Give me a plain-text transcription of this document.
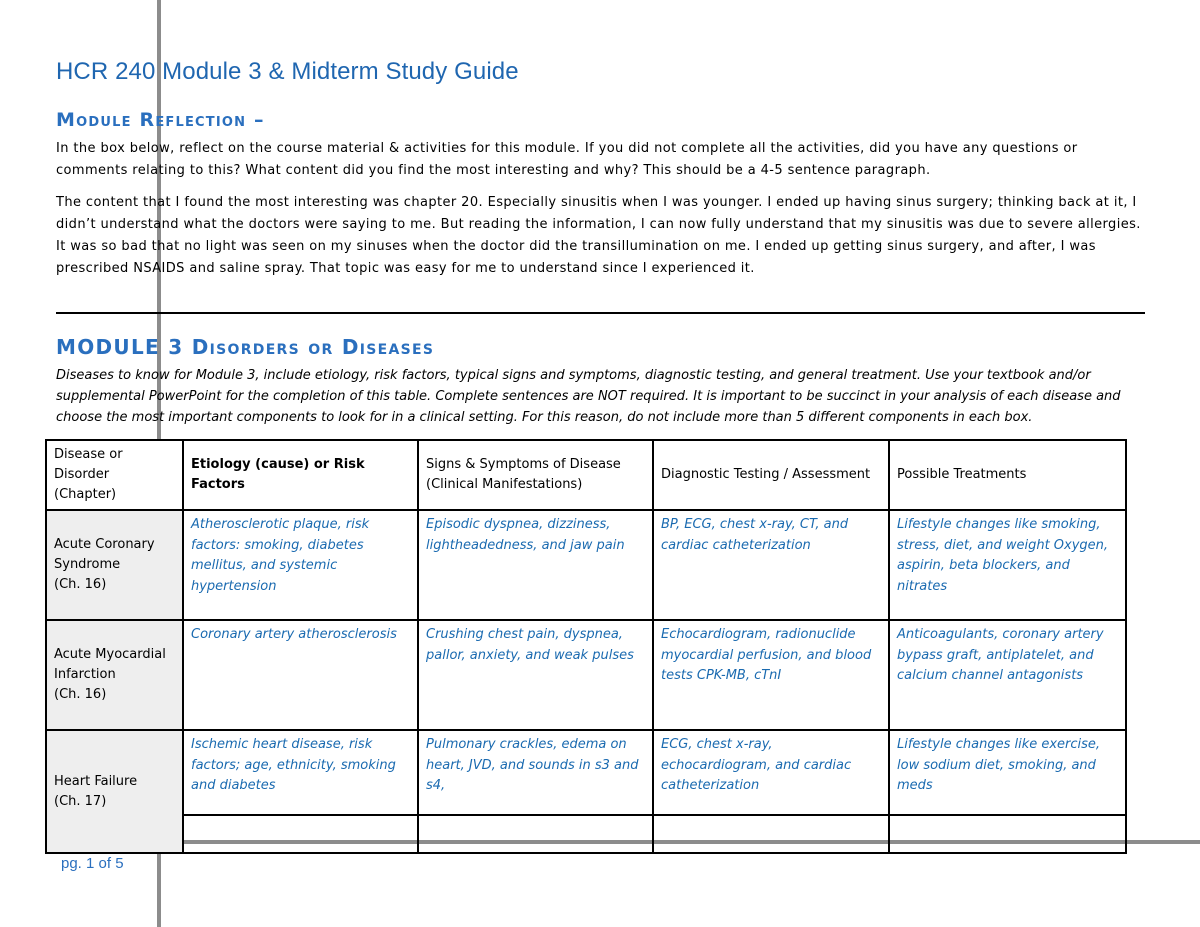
HCR 240 Module 3 & Midterm Study Guide
Module Reflection –
In the box below, reflect on the course material & activities for this module. If you did not complete all the activities, did you have any questions or comments relating to this? What content did you find the most interesting and why? This should be a 4-5 sentence paragraph.
The content that I found the most interesting was chapter 20. Especially sinusitis when I was younger. I ended up having sinus surgery; thinking back at it, I didn’t understand what the doctors were saying to me. But reading the information, I can now fully understand that my sinusitis was due to severe allergies. It was so bad that no light was seen on my sinuses when the doctor did the transillumination on me. I ended up getting sinus surgery, and after, I was prescribed NSAIDS and saline spray. That topic was easy for me to understand since I experienced it.
MODULE 3 Disorders or Diseases
Diseases to know for Module 3, include etiology, risk factors, typical signs and symptoms, diagnostic testing, and general treatment. Use your textbook and/or supplemental PowerPoint for the completion of this table. Complete sentences are NOT required. It is important to be succinct in your analysis of each disease and choose the most important components to look for in a clinical setting. For this reason, do not include more than 5 different components in each box.
Disease or Disorder (Chapter)	Etiology (cause) or Risk Factors	Signs & Symptoms of Disease (Clinical Manifestations)	Diagnostic Testing / Assessment	Possible Treatments

Acute Coronary Syndrome
(Ch. 16)	Atherosclerotic plaque, risk factors: smoking, diabetes mellitus, and systemic hypertension	Episodic dyspnea, dizziness, lightheadedness, and jaw pain	BP, ECG, chest x-ray, CT, and cardiac catheterization	Lifestyle changes like smoking, stress, diet, and weight Oxygen, aspirin, beta blockers, and nitrates

Acute Myocardial Infarction
(Ch. 16)	Coronary artery atherosclerosis	Crushing chest pain, dyspnea, pallor, anxiety, and weak pulses	Echocardiogram, radionuclide myocardial perfusion, and blood tests CPK-MB, cTnI	Anticoagulants, coronary artery bypass graft, antiplatelet, and calcium channel antagonists

Heart Failure
(Ch. 17)	Ischemic heart disease, risk factors; age, ethnicity, smoking and diabetes	Pulmonary crackles, edema on heart, JVD, and sounds in s3 and s4,	ECG, chest x-ray, echocardiogram, and cardiac catheterization	Lifestyle changes like exercise, low sodium diet, smoking, and meds

pg. 1 of 5
